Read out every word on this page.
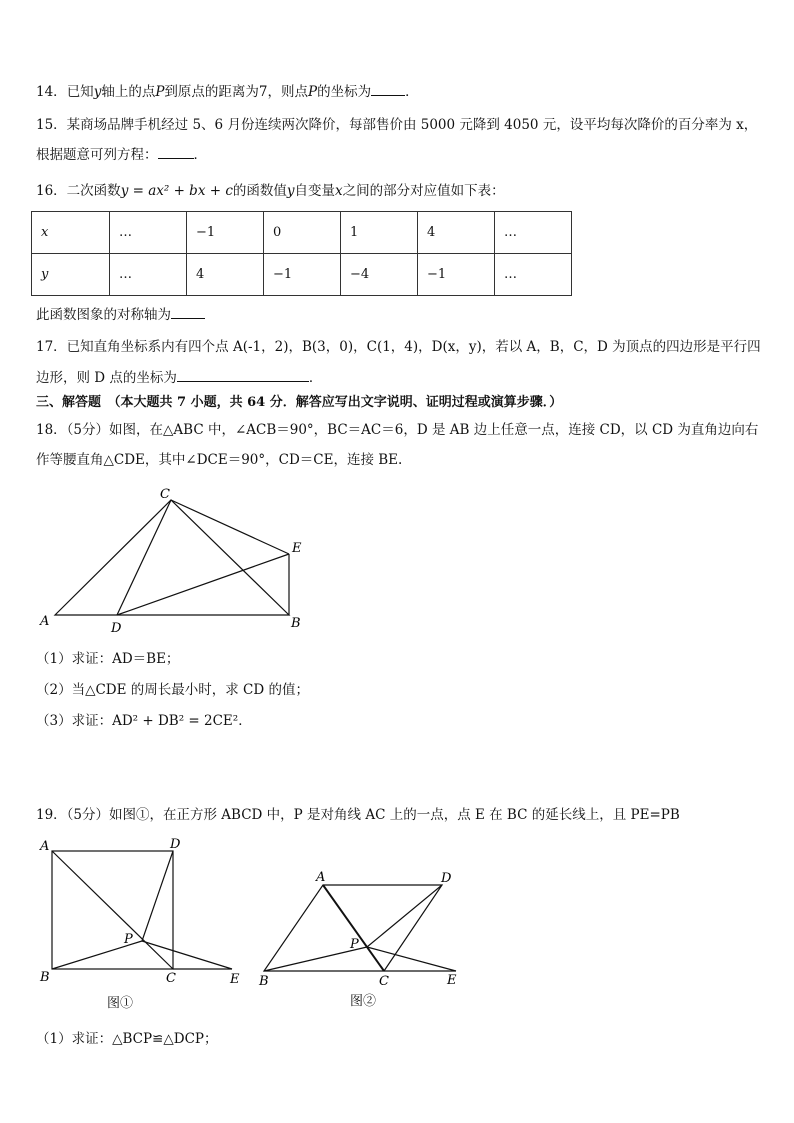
14．已知y轴上的点P到原点的距离为7，则点P的坐标为	．
15．某商场品牌手机经过 5、6 月份连续两次降价，每部售价由 5000 元降到 4050 元，设平均每次降价的百分率为 x，
根据题意可列方程：	．
16．二次函数y = ax² + bx + c的函数值y自变量x之间的部分对应值如下表：
x	…	−1	0	1	4	…
y	…	4	−1	−4	−1	…
此函数图象的对称轴为
17．已知直角坐标系内有四个点 A(-1，2)，B(3，0)，C(1，4)，D(x，y)，若以 A，B，C，D 为顶点的四边形是平行四
边形，则 D 点的坐标为	．
三、解答题　（本大题共 7 小题，共 64 分．解答应写出文字说明、证明过程或演算步骤．）
18．（5分）如图，在△ABC 中，∠ACB＝90°，BC＝AC＝6，D 是 AB 边上任意一点，连接 CD，以 CD 为直角边向右
作等腰直角△CDE，其中∠DCE＝90°，CD＝CE，连接 BE.
A
C
D
E
B
（1）求证：AD＝BE；
（2）当△CDE 的周长最小时，求 CD 的值；
（3）求证：AD² + DB² = 2CE²．
19．（5分）如图①，在正方形 ABCD 中，P 是对角线 AC 上的一点，点 E 在 BC 的延长线上，且 PE=PB
A	D
P
B	C	E
图①
A	D
P
B	C	E
图②
（1）求证：△BCP≌△DCP；
